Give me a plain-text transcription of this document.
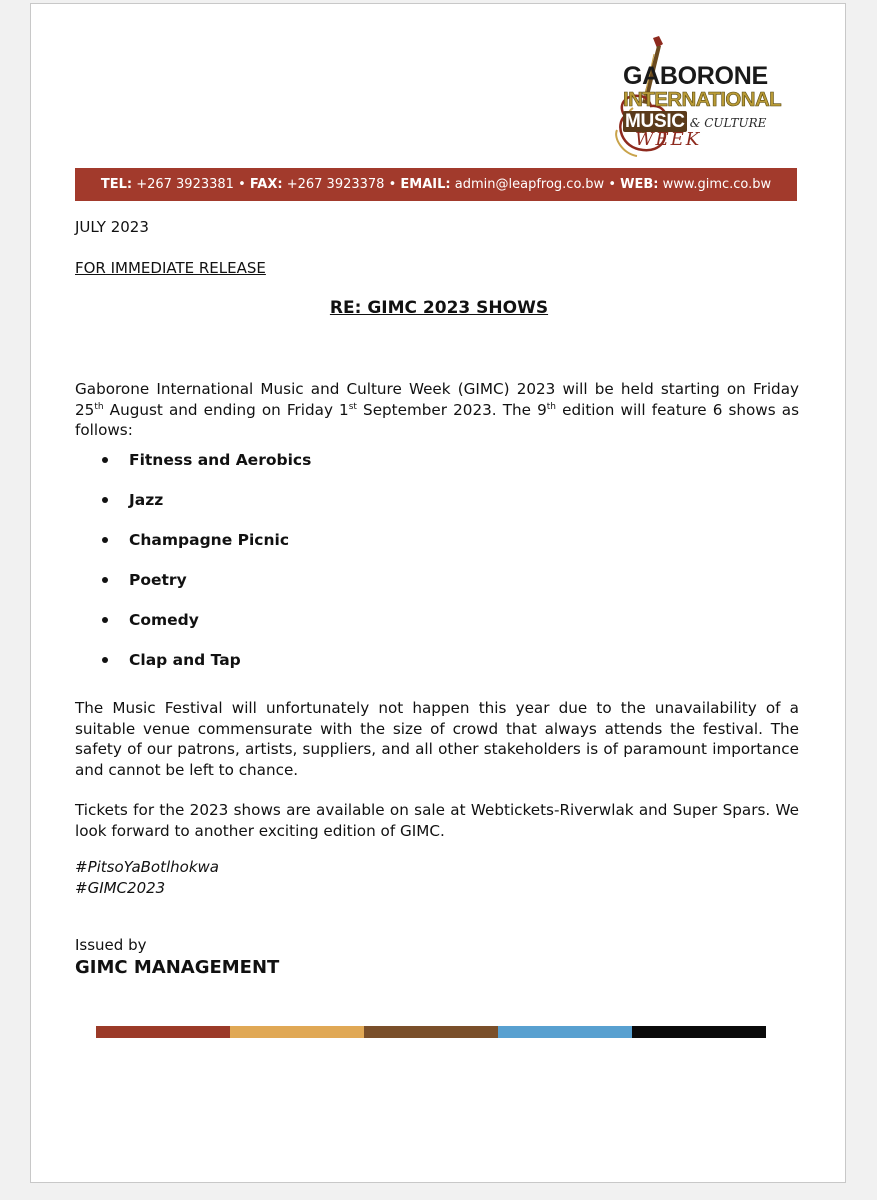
GABORONE
INTERNATIONAL
MUSIC & CULTURE
WEEK
TEL: +267 3923381 • FAX: +267 3923378 • EMAIL: admin@leapfrog.co.bw • WEB: www.gimc.co.bw
JULY 2023
FOR IMMEDIATE RELEASE
RE: GIMC 2023 SHOWS
Gaborone International Music and Culture Week (GIMC) 2023 will be held starting on Friday 25th August and ending on Friday 1st September 2023. The 9th edition will feature 6 shows as follows:
Fitness and Aerobics
Jazz
Champagne Picnic
Poetry
Comedy
Clap and Tap
The Music Festival will unfortunately not happen this year due to the unavailability of a suitable venue commensurate with the size of crowd that always attends the festival. The safety of our patrons, artists, suppliers, and all other stakeholders is of paramount importance and cannot be left to chance.
Tickets for the 2023 shows are available on sale at Webtickets-Riverwlak and Super Spars. We look forward to another exciting edition of GIMC.
#PitsoYaBotlhokwa
#GIMC2023
Issued by
GIMC MANAGEMENT
